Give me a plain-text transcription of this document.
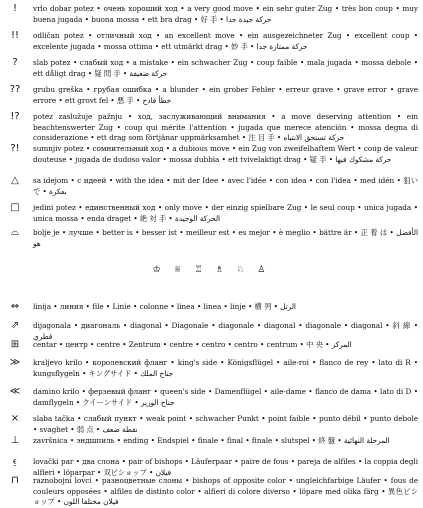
!	vrlo dobar potez • очень хороший ход • a very good move • ein sehr guter Zug • très bon coup • muy buena jugada • buona mossa • ett bra drag • 好 手 • حركة جيدة جدا
!!	odličan potez • отличный ход • an excellent move • ein ausgezeichneter Zug • excellent coup • excelente jugada • mossa ottima • ett utmärkt drag • 妙 手 • حركة ممتازة جدا
?	slab potez • слабый ход • a mistake • ein schwacher Zug • coup faible • mala jugada • mossa debole • ett dåligt drag • 疑 問 手 • حركة ضعيفة
??	grubu greška • грубая ошибка • a blunder • ein grober Fehler • erreur grave • grave error • grave errore • ett grovt fel • 悪 手 • خطأ فادح
!?	potez zaslužuje pažnju • ход, заслуживающий внимания • a move deserving attention • ein beachtenswerter Zug • coup qui mérite l'attention • jugada que merece atención • mossa degna di considerazione • ett drag som förtjänar uppmärksamhet • 注 目 手 • حركة تستحق الانتباه
?!	sumnjiv potez • сомнительный ход • a dubious move • ein Zug von zweifelhaftem Wert • coup de valeur douteuse • jugada de dudoso valor • mossa dubbia • ett tvivelaktigt drag • 疑 手 • حركة مشكوك فيها
△	sa idejom • с идеей • with the idea • mit der Idee • avec l'idée • con idea • con l'idea • med idén • 狙いで • بفكرة
□	jedini potez • единственный ход • only move • der einzig spielbare Zug • le seul coup • unica jugada • unica mossa • enda draget • 絶 対 手 • الحركة الوحيدة
⌓	bolje je • лучше • better is • besser ist • meilleur est • es mejor • è meglio • bättre är • 正 着 は • الأفضل هو
♔ ♕ ♖ ♗ ♘ ♙
⇔	linija • линия • file • Linie • colonne • linea • linea • linje • 横 列 • الرتل
⇗	dijagonala • диагональ • diagonal • Diagonale • diagonale • diagonal • diagonale • diagonal • 斜 線 • قطري
⊞	centar • центр • centre • Zentrum • centre • centro • centro • centrum • 中 央 • المركز
≫	kraljevo krilo • королевский фланг • king's side • Königsflügel • aile-roi • flanco de rey • lato di R • kungsflygeln • キングサイド • جناح الملك
≪	damino krilo • ферзевый фланг • queen's side • Damenflügel • aile-dame • flanco de dama • lato di D • damflygeln • クイーンサイド • جناح الوزير
×	slaba tačka • слабый пункт • weak point • schwacher Punkt • point faible • punto débil • punto debole • svaghet • 弱 点 • نقطة ضعف
⊥	završnica • эндшпиль • ending • Endspiel • finale • final • finale • slutspel • 終 盤 • المرحلة النهائية
⍷	lovački par • два слона • pair of bishops • Läuferpaar • paire de fous • pareja de alfiles • la coppia degli alfieri • löparpar • 双ビショップ • فيلان
⊓	raznobojni lovci • разноцветные слоны • bishops of opposite color • ungleichfarbige Läufer • fous de couleurs opposées • alfiles de distinto color • alfieri di colore diverso • löpare med olika färg • 異色ビショップ • فيلان مختلفا اللون
